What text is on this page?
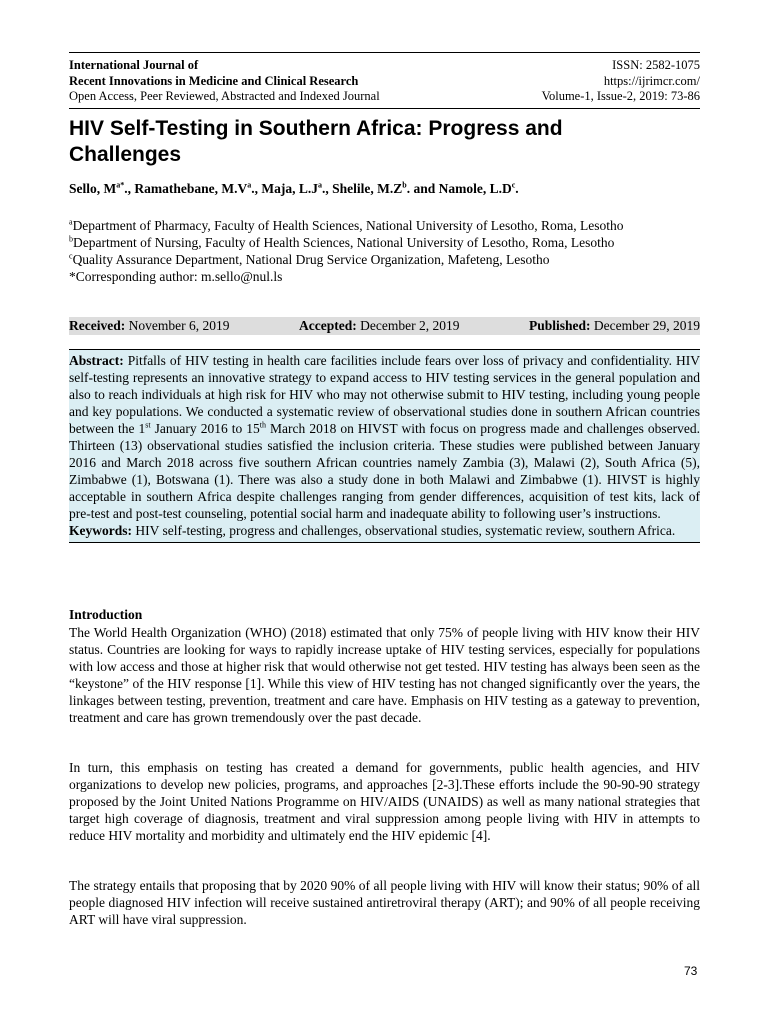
International Journal of	ISSN: 2582-1075
Recent Innovations in Medicine and Clinical Research	https://ijrimcr.com/
Open Access, Peer Reviewed, Abstracted and Indexed Journal	Volume-1, Issue-2, 2019: 73-86
HIV Self-Testing in Southern Africa: Progress and Challenges
Sello, $M^{a*}$., Ramathebane, $M.V^a$., Maja, $L.J^a$., Shelile, $M.Z^b$. and Namole, $L.D^c$.

$^a$Department of Pharmacy, Faculty of Health Sciences, National University of Lesotho, Roma, Lesotho

$^b$Department of Nursing, Faculty of Health Sciences, National University of Lesotho, Roma, Lesotho

$^c$Quality Assurance Department, National Drug Service Organization, Mafeteng, Lesotho

*Corresponding author: m.sello@nul.ls

Received: November 6, 2019	Accepted: December 2, 2019	Published: December 29, 2019

Abstract: Pitfalls of HIV testing in health care facilities include fears over loss of privacy and confidentiality. HIV self-testing represents an innovative strategy to expand access to HIV testing services in the general population and also to reach individuals at high risk for HIV who may not otherwise submit to HIV testing, including young people and key populations. We conducted a systematic review of observational studies done in southern African countries between the 1st January 2016 to 15th March 2018 on HIVST with focus on progress made and challenges observed. Thirteen (13) observational studies satisfied the inclusion criteria. These studies were published between January 2016 and March 2018 across five southern African countries namely Zambia (3), Malawi (2), South Africa (5), Zimbabwe (1), Botswana (1). There was also a study done in both Malawi and Zimbabwe (1). HIVST is highly acceptable in southern Africa despite challenges ranging from gender differences, acquisition of test kits, lack of pre-test and post-test counseling, potential social harm and inadequate ability to following user’s instructions.

Keywords: HIV self-testing, progress and challenges, observational studies, systematic review, southern Africa.

Introduction

The World Health Organization (WHO) (2018) estimated that only 75% of people living with HIV know their HIV status. Countries are looking for ways to rapidly increase uptake of HIV testing services, especially for populations with low access and those at higher risk that would otherwise not get tested. HIV testing has always been seen as the “keystone” of the HIV response [1]. While this view of HIV testing has not changed significantly over the years, the linkages between testing, prevention, treatment and care have. Emphasis on HIV testing as a gateway to prevention, treatment and care has grown tremendously over the past decade.

In turn, this emphasis on testing has created a demand for governments, public health agencies, and HIV organizations to develop new policies, programs, and approaches [2-3].These efforts include the 90-90-90 strategy proposed by the Joint United Nations Programme on HIV/AIDS (UNAIDS) as well as many national strategies that target high coverage of diagnosis, treatment and viral suppression among people living with HIV in attempts to reduce HIV mortality and morbidity and ultimately end the HIV epidemic [4].

The strategy entails that proposing that by 2020 90% of all people living with HIV will know their status; 90% of all people diagnosed HIV infection will receive sustained antiretroviral therapy (ART); and 90% of all people receiving ART will have viral suppression.

73
